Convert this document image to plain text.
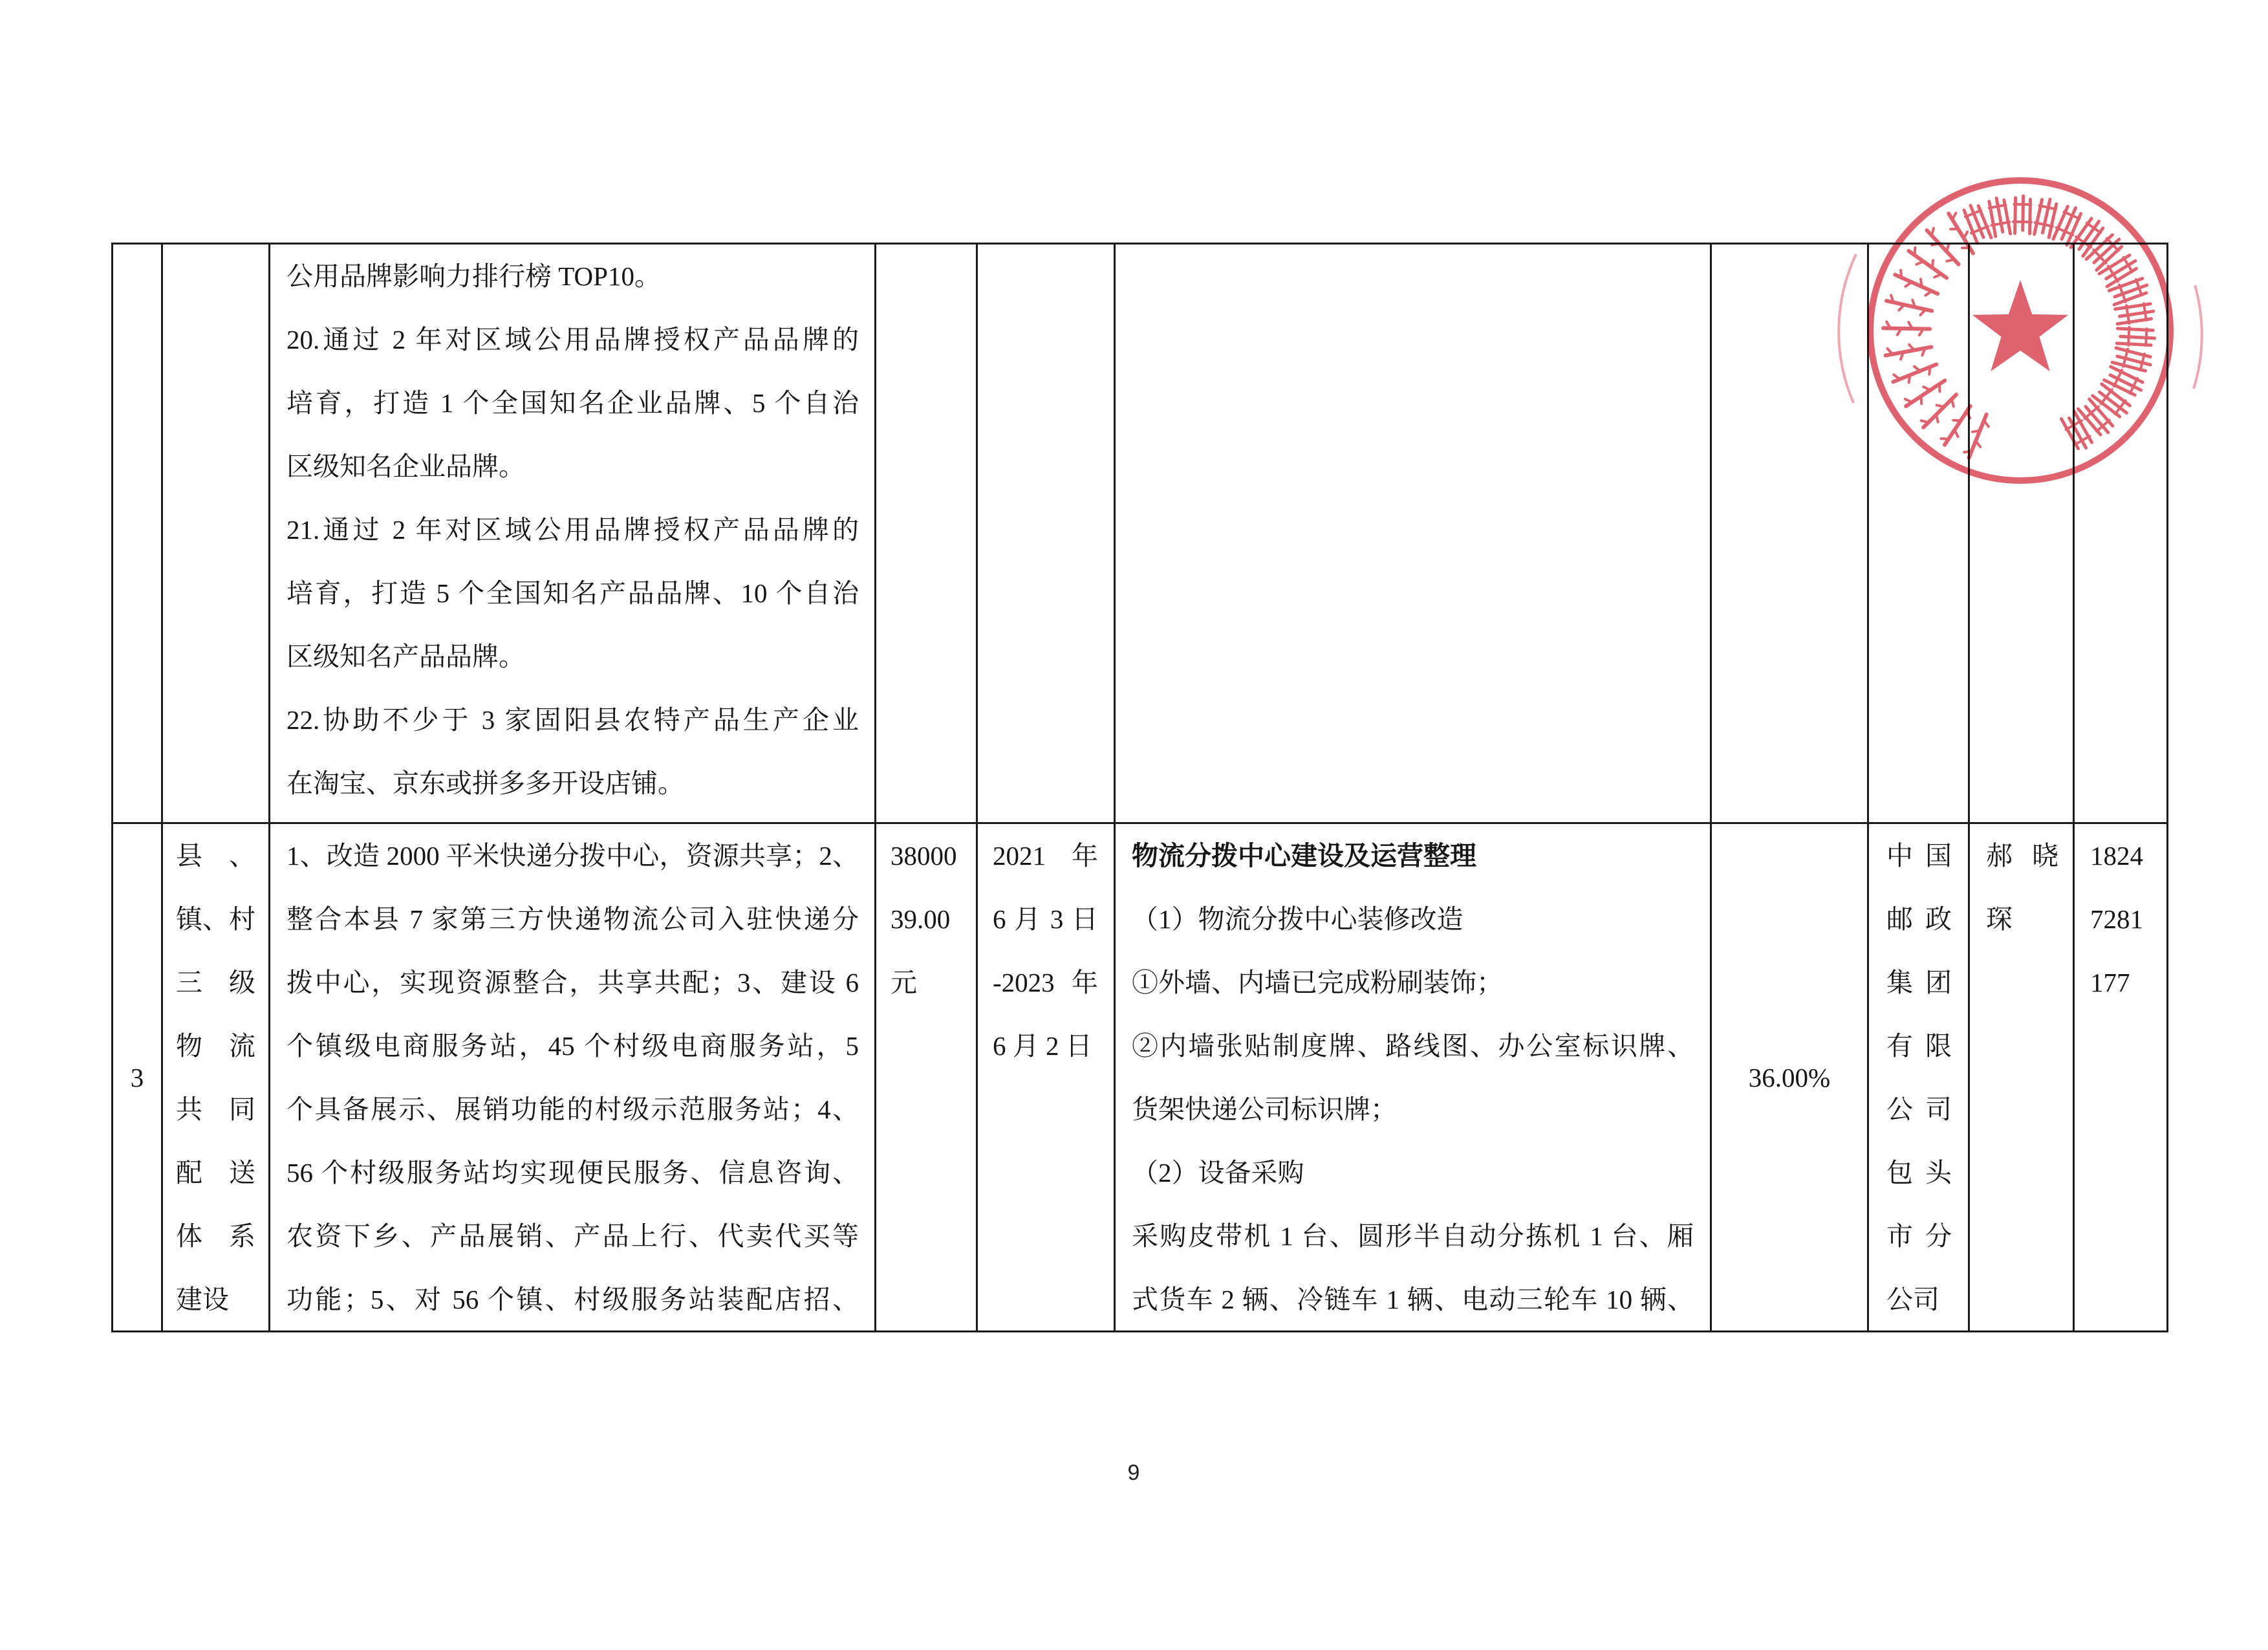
公用品牌影响力排行榜 TOP10。
20.通过 2 年对区域公用品牌授权产品品牌的
培育，打造 1 个全国知名企业品牌、5 个自治
区级知名企业品牌。
21.通过 2 年对区域公用品牌授权产品品牌的
培育，打造 5 个全国知名产品品牌、10 个自治
区级知名产品品牌。
22.协助不少于 3 家固阳县农特产品生产企业
在淘宝、京东或拼多多开设店铺。
3
县、
镇、村
三级
物流
共同
配送
体系
建设
1、改造 2000 平米快递分拨中心，资源共享；2、
整合本县 7 家第三方快递物流公司入驻快递分
拨中心，实现资源整合，共享共配；3、建设 6
个镇级电商服务站，45 个村级电商服务站，5
个具备展示、展销功能的村级示范服务站；4、
56 个村级服务站均实现便民服务、信息咨询、
农资下乡、产品展销、产品上行、代卖代买等
功能；5、对 56 个镇、村级服务站装配店招、
38000
39.00
元
2021 年
6 月 3 日
-2023 年
6 月 2 日
物流分拨中心建设及运营整理
（1）物流分拨中心装修改造
①外墙、内墙已完成粉刷装饰；
②内墙张贴制度牌、路线图、办公室标识牌、
货架快递公司标识牌；
（2）设备采购
采购皮带机 1 台、圆形半自动分拣机 1 台、厢
式货车 2 辆、冷链车 1 辆、电动三轮车 10 辆、
36.00%
中国
邮政
集团
有限
公司
包头
市分
公司
郝晓
琛
1824
7281
177
9
